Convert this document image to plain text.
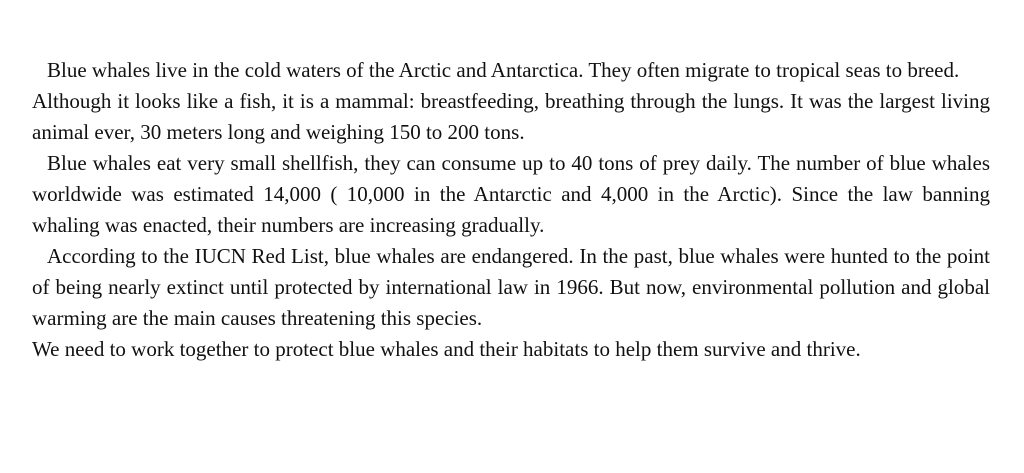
Blue whales live in the cold waters of the Arctic and Antarctica. They often migrate to tropical seas to breed.

Although it looks like a fish, it is a mammal: breastfeeding, breathing through the lungs. It was the largest living animal ever, 30 meters long and weighing 150 to 200 tons.

Blue whales eat very small shellfish, they can consume up to 40 tons of prey daily. The number of blue whales worldwide was estimated 14,000 ( 10,000 in the Antarctic and 4,000 in the Arctic). Since the law banning whaling was enacted, their numbers are increasing gradually.

According to the IUCN Red List, blue whales are endangered. In the past, blue whales were hunted to the point of being nearly extinct until protected by international law in 1966. But now, environmental pollution and global warming are the main causes threatening this species.

We need to work together to protect blue whales and their habitats to help them survive and thrive.
